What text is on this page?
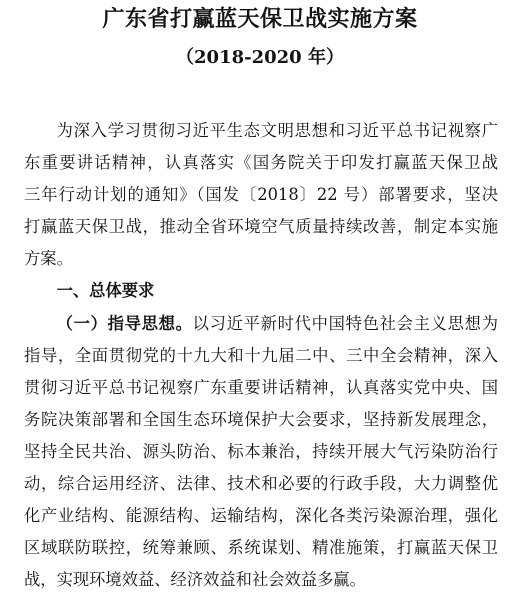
广东省打赢蓝天保卫战实施方案
（2018-2020 年）
为深入学习贯彻习近平生态文明思想和习近平总书记视察广
东重要讲话精神，认真落实《国务院关于印发打赢蓝天保卫战
三年行动计划的通知》（国发〔2018〕22 号）部署要求，坚决
打赢蓝天保卫战，推动全省环境空气质量持续改善，制定本实施
方案。
一、总体要求
（一）指导思想。以习近平新时代中国特色社会主义思想为
指导，全面贯彻党的十九大和十九届二中、三中全会精神，深入
贯彻习近平总书记视察广东重要讲话精神，认真落实党中央、国
务院决策部署和全国生态环境保护大会要求，坚持新发展理念，
坚持全民共治、源头防治、标本兼治，持续开展大气污染防治行
动，综合运用经济、法律、技术和必要的行政手段，大力调整优
化产业结构、能源结构、运输结构，深化各类污染源治理，强化
区域联防联控，统筹兼顾、系统谋划、精准施策，打赢蓝天保卫
战，实现环境效益、经济效益和社会效益多赢。
